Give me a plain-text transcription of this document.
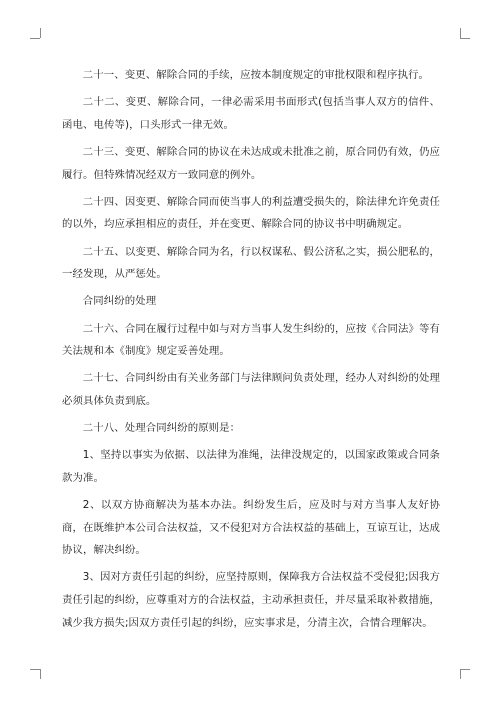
二十一、变更、解除合同的手续，应按本制度规定的审批权限和程序执行。

二十二、变更、解除合同，一律必需采用书面形式(包括当事人双方的信件、函电、电传等)，口头形式一律无效。

二十三、变更、解除合同的协议在未达成或未批准之前，原合同仍有效，仍应履行。但特殊情况经双方一致同意的例外。

二十四、因变更、解除合同而使当事人的利益遭受损失的，除法律允许免责任的以外，均应承担相应的责任，并在变更、解除合同的协议书中明确规定。

二十五、以变更、解除合同为名，行以权谋私、假公济私之实，损公肥私的，一经发现，从严惩处。

合同纠纷的处理

二十六、合同在履行过程中如与对方当事人发生纠纷的，应按《合同法》等有关法规和本《制度》规定妥善处理。

二十七、合同纠纷由有关业务部门与法律顾问负责处理，经办人对纠纷的处理必须具体负责到底。

二十八、处理合同纠纷的原则是：

1、坚持以事实为依据、以法律为准绳，法律没规定的，以国家政策或合同条款为准。

2、以双方协商解决为基本办法。纠纷发生后，应及时与对方当事人友好协商，在既维护本公司合法权益，又不侵犯对方合法权益的基础上，互谅互让，达成协议，解决纠纷。

3、因对方责任引起的纠纷，应坚持原则，保障我方合法权益不受侵犯;因我方责任引起的纠纷，应尊重对方的合法权益，主动承担责任，并尽量采取补救措施，减少我方损失;因双方责任引起的纠纷，应实事求是，分清主次，合情合理解决。
